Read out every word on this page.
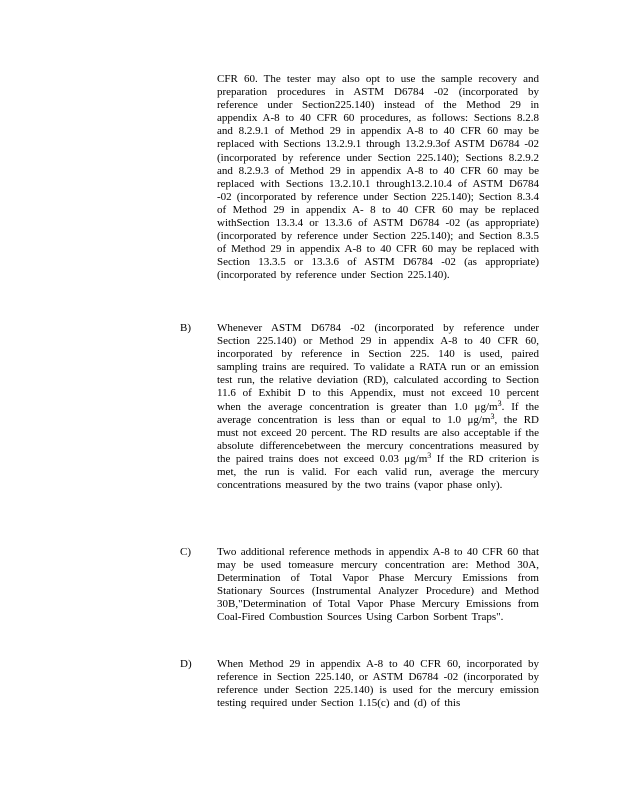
CFR 60. The tester may also opt to use the sample recovery and preparation procedures in ASTM D6784 -02 (incorporated by reference under Section225.140) instead of the Method 29 in appendix A-8 to 40 CFR 60 procedures, as follows: Sections 8.2.8 and 8.2.9.1 of Method 29 in appendix A-8 to 40 CFR 60 may be replaced with Sections 13.2.9.1 through 13.2.9.3of ASTM D6784 -02 (incorporated by reference under Section 225.140); Sections 8.2.9.2 and 8.2.9.3 of Method 29 in appendix A-8 to 40 CFR 60 may be replaced with Sections 13.2.10.1 through13.2.10.4 of ASTM D6784 -02 (incorporated by reference under Section 225.140); Section 8.3.4 of Method 29 in appendix A- 8 to 40 CFR 60 may be replaced withSection 13.3.4 or 13.3.6 of ASTM D6784 -02 (as appropriate) (incorporated by reference under Section 225.140); and Section 8.3.5 of Method 29 in appendix A-8 to 40 CFR 60 may be replaced with Section 13.3.5 or 13.3.6 of ASTM D6784 -02 (as appropriate) (incorporated by reference under Section 225.140).
B) Whenever ASTM D6784 -02 (incorporated by reference under Section 225.140) or Method 29 in appendix A-8 to 40 CFR 60, incorporated by reference in Section 225. 140 is used, paired sampling trains are required. To validate a RATA run or an emission test run, the relative deviation (RD), calculated according to Section 11.6 of Exhibit D to this Appendix, must not exceed 10 percent when the average concentration is greater than 1.0 $\mu g/m^3$. If the average concentration is less than or equal to 1.0 $\mu g/m^3$, the RD must not exceed 20 percent. The RD results are also acceptable if the absolute differencebetween the mercury concentrations measured by the paired trains does not exceed 0.03 $\mu g/m^3$ If the RD criterion is met, the run is valid. For each valid run, average the mercury concentrations measured by the two trains (vapor phase only).
C) Two additional reference methods in appendix A-8 to 40 CFR 60 that may be used tomeasure mercury concentration are: Method 30A, Determination of Total Vapor Phase Mercury Emissions from Stationary Sources (Instrumental Analyzer Procedure) and Method 30B,"Determination of Total Vapor Phase Mercury Emissions from Coal-Fired Combustion Sources Using Carbon Sorbent Traps".
D) When Method 29 in appendix A-8 to 40 CFR 60, incorporated by reference in Section 225.140, or ASTM D6784 -02 (incorporated by reference under Section 225.140) is used for the mercury emission testing required under Section 1.15(c) and (d) of this
